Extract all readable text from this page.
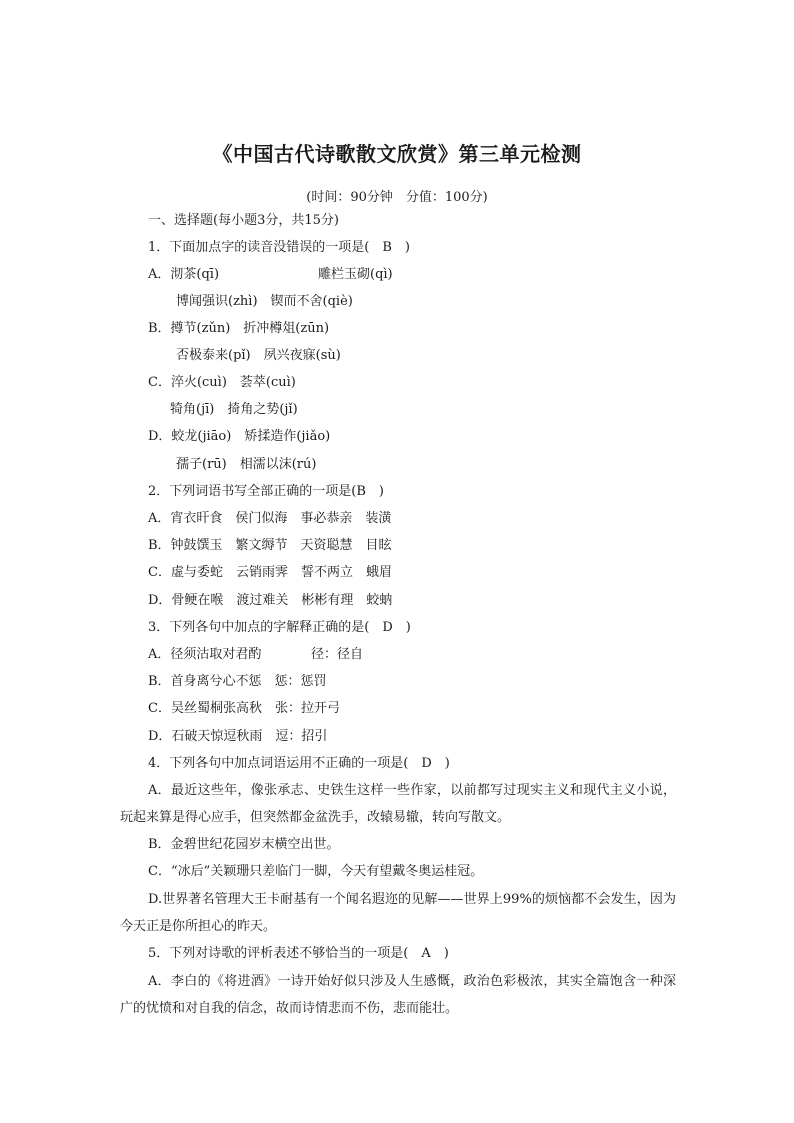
《中国古代诗歌散文欣赏》第三单元检测
(时间：90分钟　分值：100分)
一、选择题(每小题3分，共15分)
1．下面加点字的读音没错误的一项是(　B　)
A．沏茶(qī)	雕栏玉砌(qì)
博闻强识(zhì)　锲而不舍(qiè)
B．撙节(zǔn)　折冲樽俎(zūn)
否极泰来(pǐ)　夙兴夜寐(sù)
C．淬火(cuì)　荟萃(cuì)
犄角(jī)　掎角之势(jǐ)
D．蛟龙(jiāo)　矫揉造作(jiǎo)
孺子(rū)　相濡以沫(rú)
2．下列词语书写全部正确的一项是(B　)
A．宵衣旰食　侯门似海　事必恭亲　装潢
B．钟鼓馔玉　繁文缛节　天资聪慧　目眩
C．虚与委蛇　云销雨霁　誓不两立　蛾眉
D．骨鲠在喉　渡过难关　彬彬有理　蛟蚋
3．下列各句中加点的字解释正确的是(　D　)
A．径须沽取对君酌	径：径自
B．首身离兮心不惩　惩：惩罚
C．吴丝蜀桐张高秋　张：拉开弓
D．石破天惊逗秋雨　逗：招引
4．下列各句中加点词语运用不正确的一项是(　D　)
A．最近这些年，像张承志、史铁生这样一些作家，以前都写过现实主义和现代主义小说，玩起来算是得心应手，但突然都金盆洗手，改辕易辙，转向写散文。
B．金碧世纪花园岁末横空出世。
C．“冰后”关颖珊只差临门一脚，今天有望戴冬奥运桂冠。
D.世界著名管理大王卡耐基有一个闻名遐迩的见解——世界上99%的烦恼都不会发生，因为今天正是你所担心的昨天。
5．下列对诗歌的评析表述不够恰当的一项是(　A　)
A．李白的《将进酒》一诗开始好似只涉及人生感慨，政治色彩极浓，其实全篇饱含一种深广的忧愤和对自我的信念，故而诗情悲而不伤，悲而能壮。
